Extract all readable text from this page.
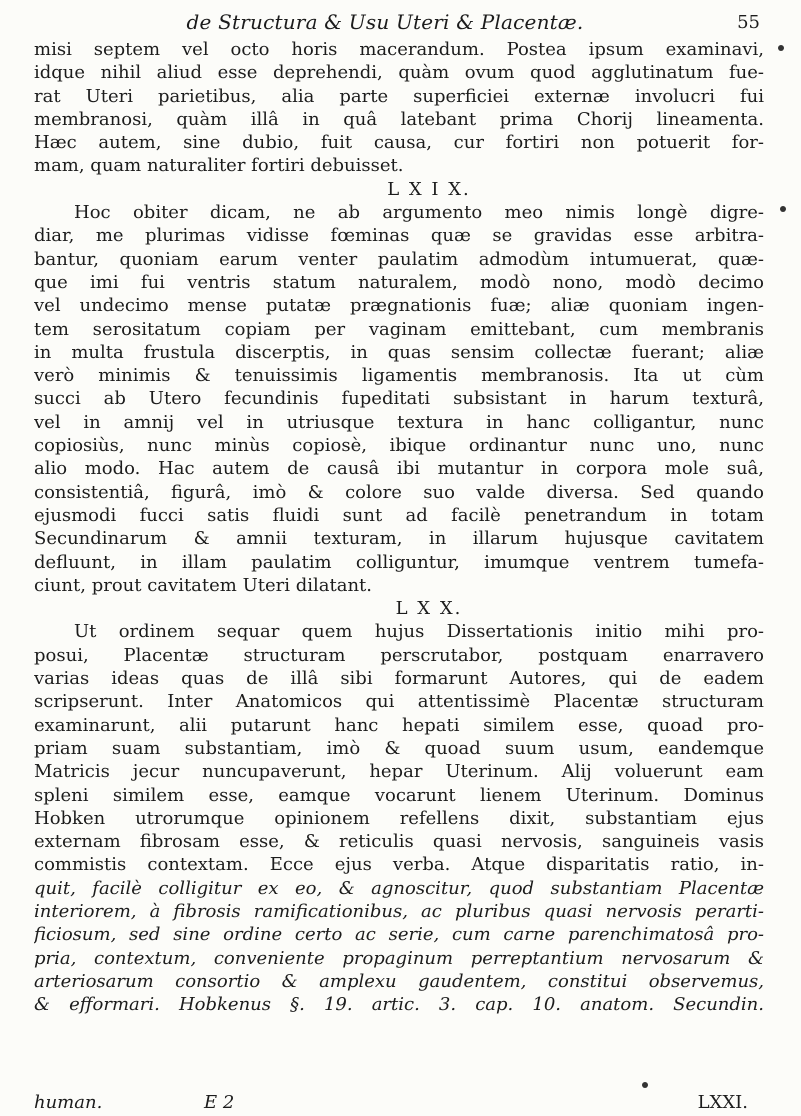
de Structura & Usu Uteri & Placentæ.	55
misi septem vel octo horis macerandum. Postea ipsum examinavi,
idque nihil aliud esse deprehendi, quàm ovum quod agglutinatum fue-
rat Uteri parietibus, alia parte superficiei externæ involucri fui
membranosi, quàm illâ in quâ latebant prima Chorij lineamenta.
Hæc autem, sine dubio, fuit causa, cur fortiri non potuerit for-
mam, quam naturaliter fortiri debuisset.
L X I X.
Hoc obiter dicam, ne ab argumento meo nimis longè digre-
diar, me plurimas vidisse fœminas quæ se gravidas esse arbitra-
bantur, quoniam earum venter paulatim admodùm intumuerat, quæ-
que imi fui ventris statum naturalem, modò nono, modò decimo
vel undecimo mense putatæ prægnationis fuæ; aliæ quoniam ingen-
tem serositatum copiam per vaginam emittebant, cum membranis
in multa frustula discerptis, in quas sensim collectæ fuerant; aliæ
verò minimis & tenuissimis ligamentis membranosis. Ita ut cùm
succi ab Utero fecundinis fupeditati subsistant in harum texturâ,
vel in amnij vel in utriusque textura in hanc colligantur, nunc
copiosiùs, nunc minùs copiosè, ibique ordinantur nunc uno, nunc
alio modo. Hac autem de causâ ibi mutantur in corpora mole suâ,
consistentiâ, figurâ, imò & colore suo valde diversa. Sed quando
ejusmodi fucci satis fluidi sunt ad facilè penetrandum in totam
Secundinarum & amnii texturam, in illarum hujusque cavitatem
defluunt, in illam paulatim colliguntur, imumque ventrem tumefa-
ciunt, prout cavitatem Uteri dilatant.
L X X.
Ut ordinem sequar quem hujus Dissertationis initio mihi pro-
posui, Placentæ structuram perscrutabor, postquam enarravero
varias ideas quas de illâ sibi formarunt Autores, qui de eadem
scripserunt. Inter Anatomicos qui attentissimè Placentæ structuram
examinarunt, alii putarunt hanc hepati similem esse, quoad pro-
priam suam substantiam, imò & quoad suum usum, eandemque
Matricis jecur nuncupaverunt, hepar Uterinum. Alij voluerunt eam
spleni similem esse, eamque vocarunt lienem Uterinum. Dominus
Hobken utrorumque opinionem refellens dixit, substantiam ejus
externam fibrosam esse, & reticulis quasi nervosis, sanguineis vasis
commistis contextam. Ecce ejus verba. Atque disparitatis ratio, in-
quit, facilè colligitur ex eo, & agnoscitur, quod substantiam Placentæ
interiorem, à fibrosis ramificationibus, ac pluribus quasi nervosis perarti-
ficiosum, sed sine ordine certo ac serie, cum carne parenchimatosâ pro-
pria, contextum, conveniente propaginum perreptantium nervosarum &
arteriosarum consortio & amplexu gaudentem, constitui observemus,
& efformari. Hobkenus §. 19. artic. 3. cap. 10. anatom. Secundin.
human.	E 2	LXXI.
